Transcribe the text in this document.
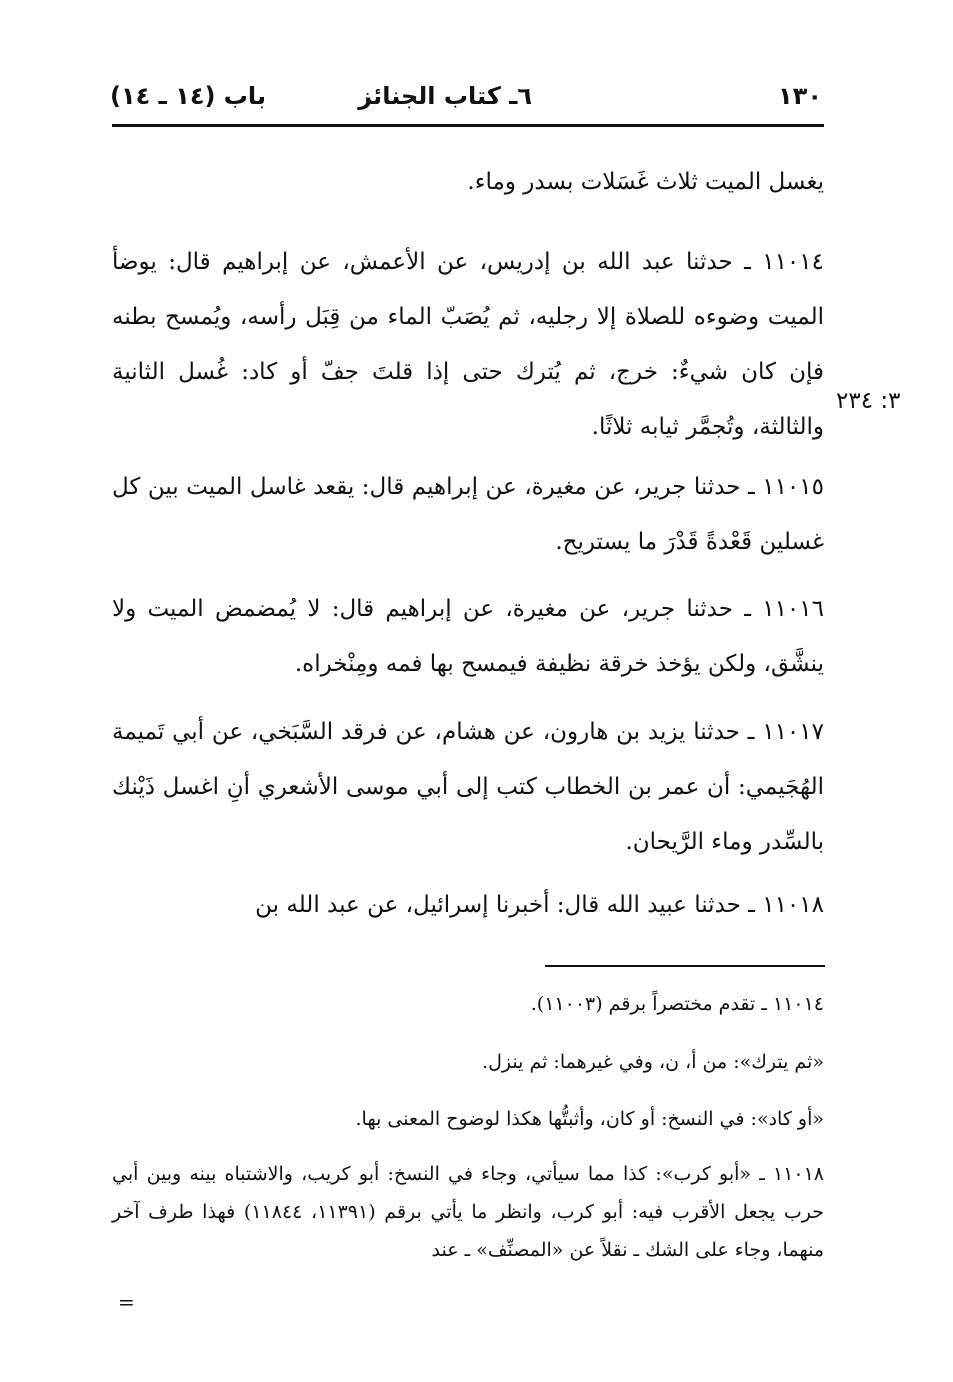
١٣٠
٦ـ كتاب الجنائز
باب (١٤ ـ ١٤)

يغسل الميت ثلاث غَسَلات بسدر وماء.

١١٠١٤ ـ حدثنا عبد الله بن إدريس، عن الأعمش، عن إبراهيم قال: يوضأ الميت وضوءه للصلاة إلا رجليه، ثم يُصَبّ الماء من قِبَل رأسه، ويُمسح بطنه فإن كان شيءٌ: خرج، ثم يُترك حتى إذا قلتَ جفّ أو كاد: غُسل الثانية والثالثة، وتُجمَّر ثيابه ثلاثًا.

١١٠١٥ ـ حدثنا جرير، عن مغيرة، عن إبراهيم قال: يقعد غاسل الميت بين كل غسلين قَعْدةً قَدْرَ ما يستريح.

١١٠١٦ ـ حدثنا جرير، عن مغيرة، عن إبراهيم قال: لا يُمضمض الميت ولا ينشَّق، ولكن يؤخذ خرقة نظيفة فيمسح بها فمه ومِنْخراه.

١١٠١٧ ـ حدثنا يزيد بن هارون، عن هشام، عن فرقد السَّبَخي، عن أبي تَميمة الهُجَيمي: أن عمر بن الخطاب كتب إلى أبي موسى الأشعري أنِ اغسل ذَيْنك بالسِّدر وماء الرَّيحان.

١١٠١٨ ـ حدثنا عبيد الله قال: أخبرنا إسرائيل، عن عبد الله بن

٣: ٢٣٤

١١٠١٤ ـ تقدم مختصراً برقم (١١٠٠٣).

«ثم يترك»: من أ، ن، وفي غيرهما: ثم ينزل.

«أو كاد»: في النسخ: أو كان، وأثبتُّها هكذا لوضوح المعنى بها.

١١٠١٨ ـ «أبو كرب»: كذا مما سيأتي، وجاء في النسخ: أبو كريب، والاشتباه بينه وبين أبي حرب يجعل الأقرب فيه: أبو كرب، وانظر ما يأتي برقم (١١٣٩١، ١١٨٤٤) فهذا طرف آخر منهما، وجاء على الشك ـ نقلاً عن «المصنِّف» ـ عند

=
